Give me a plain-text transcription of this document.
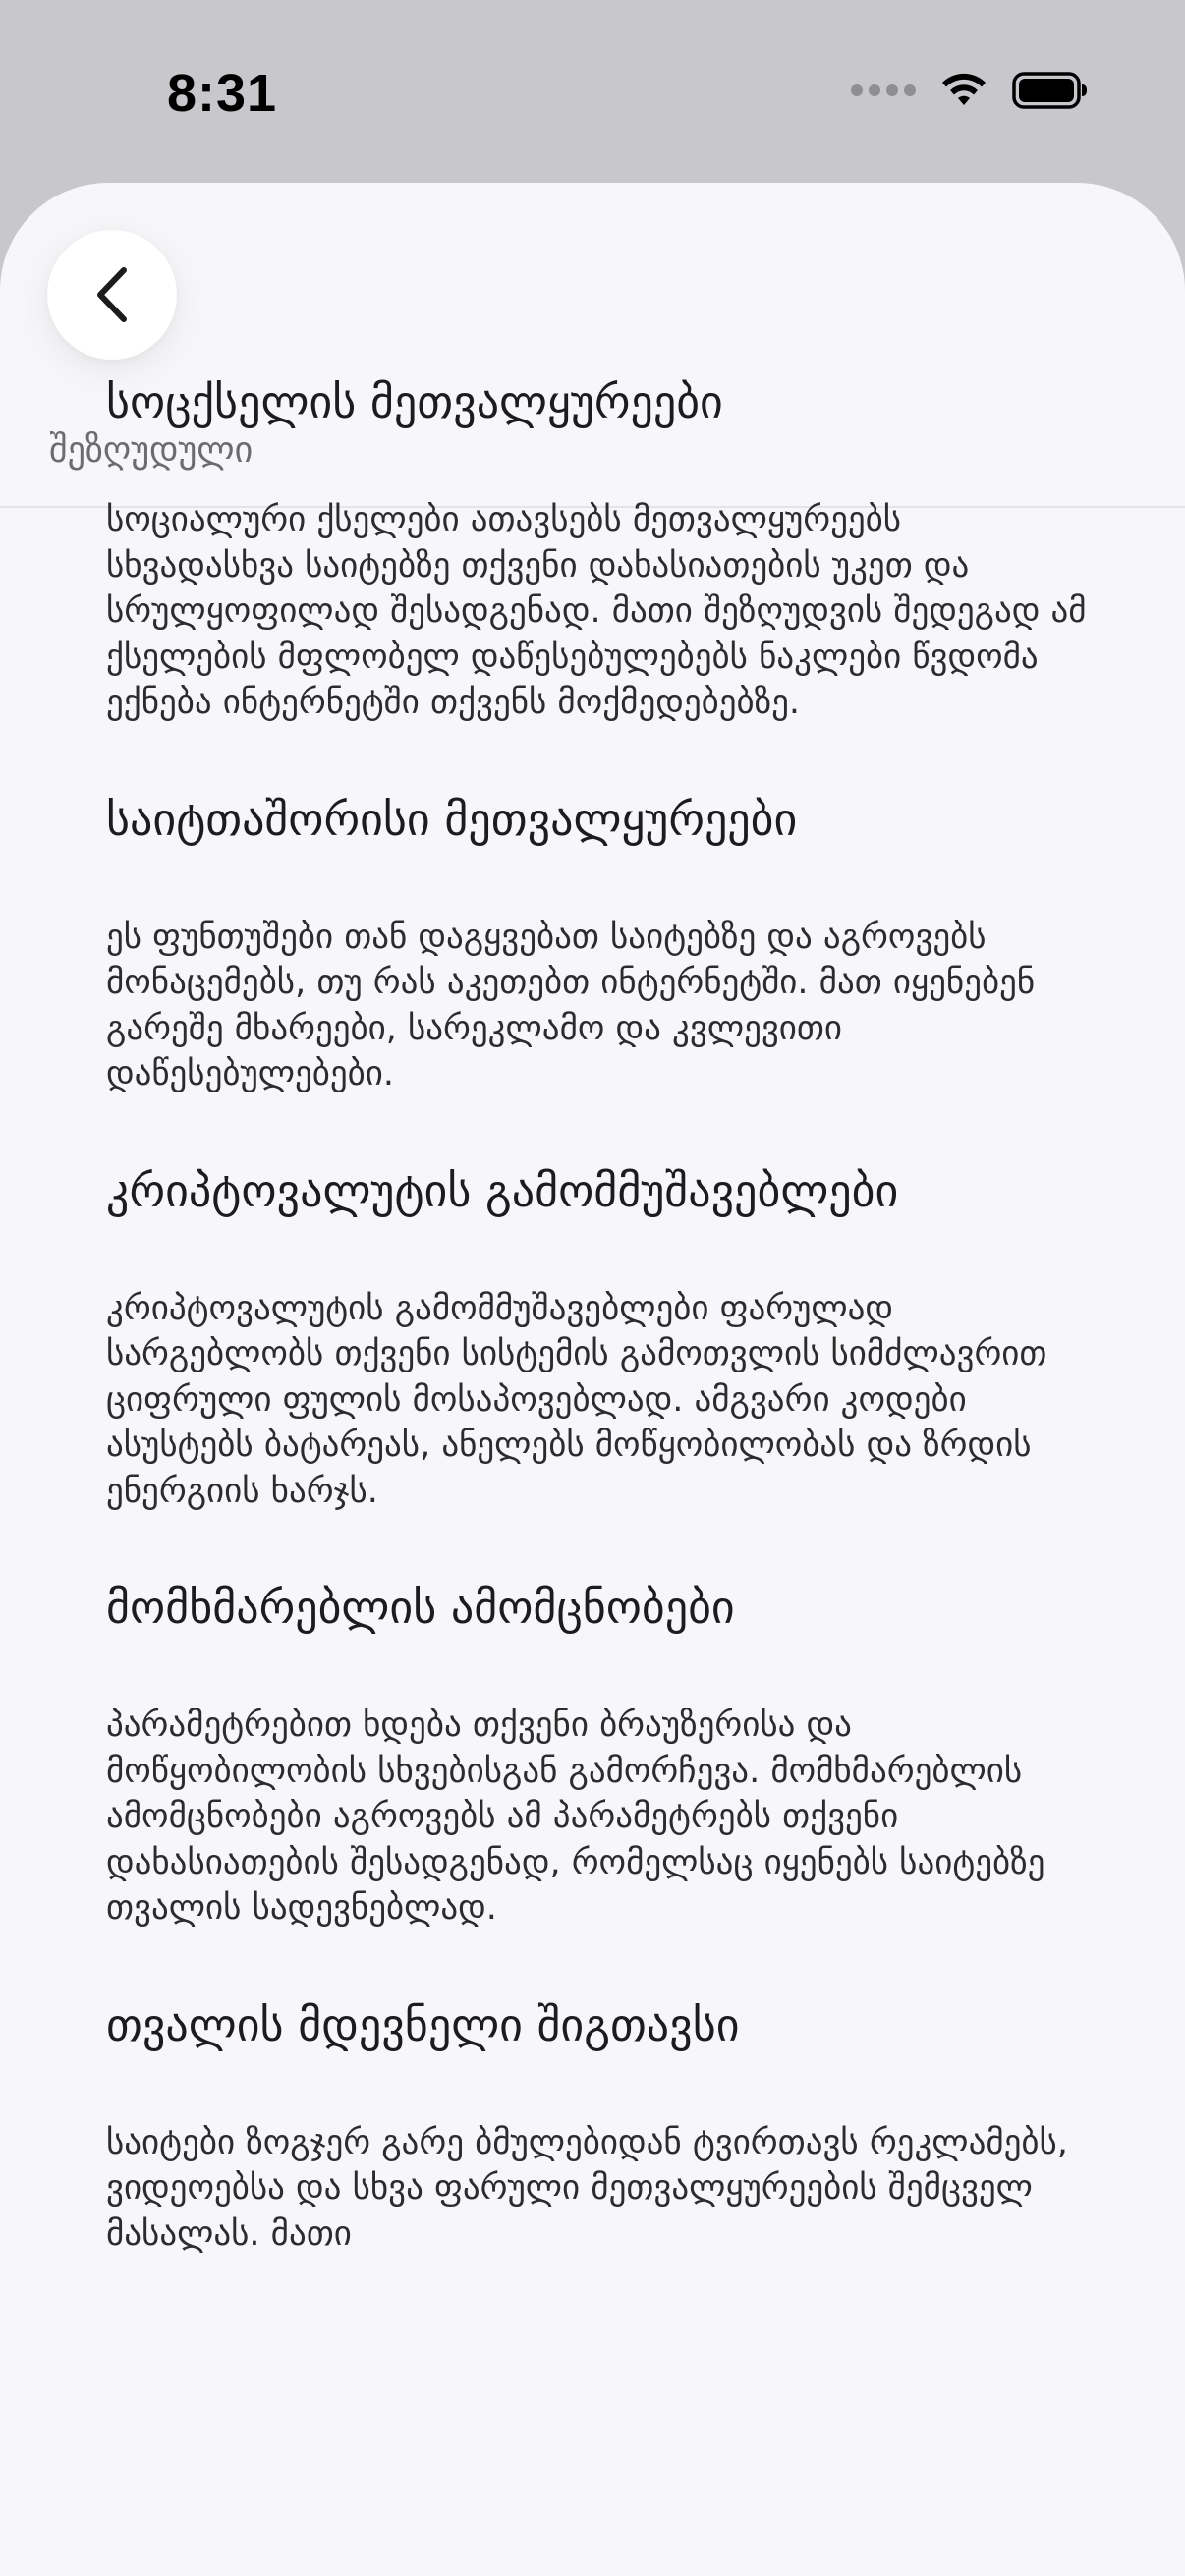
8:31
შეზღუდული
სოცქსელის მეთვალყურეები

სოციალური ქსელები ათავსებს მეთვალყურეებს სხვადასხვა საიტებზე თქვენი დახასიათების უკეთ და სრულყოფილად შესადგენად. მათი შეზღუდვის შედეგად ამ ქსელების მფლობელ დაწესებულებებს ნაკლები წვდომა ექნება ინტერნეტში თქვენს მოქმედებებზე.

საიტთაშორისი მეთვალყურეები

ეს ფუნთუშები თან დაგყვებათ საიტებზე და აგროვებს მონაცემებს, თუ რას აკეთებთ ინტერნეტში. მათ იყენებენ გარეშე მხარეები, სარეკლამო და კვლევითი დაწესებულებები.

კრიპტოვალუტის გამომმუშავებლები

კრიპტოვალუტის გამომმუშავებლები ფარულად სარგებლობს თქვენი სისტემის გამოთვლის სიმძლავრით ციფრული ფულის მოსაპოვებლად. ამგვარი კოდები ასუსტებს ბატარეას, ანელებს მოწყობილობას და ზრდის ენერგიის ხარჯს.

მომხმარებლის ამომცნობები

პარამეტრებით ხდება თქვენი ბრაუზერისა და მოწყობილობის სხვებისგან გამორჩევა. მომხმარებლის ამომცნობები აგროვებს ამ პარამეტრებს თქვენი დახასიათების შესადგენად, რომელსაც იყენებს საიტებზე თვალის სადევნებლად.

თვალის მდევნელი შიგთავსი

საიტები ზოგჯერ გარე ბმულებიდან ტვირთავს რეკლამებს, ვიდეოებსა და სხვა ფარული მეთვალყურეების შემცველ მასალას. მათი
